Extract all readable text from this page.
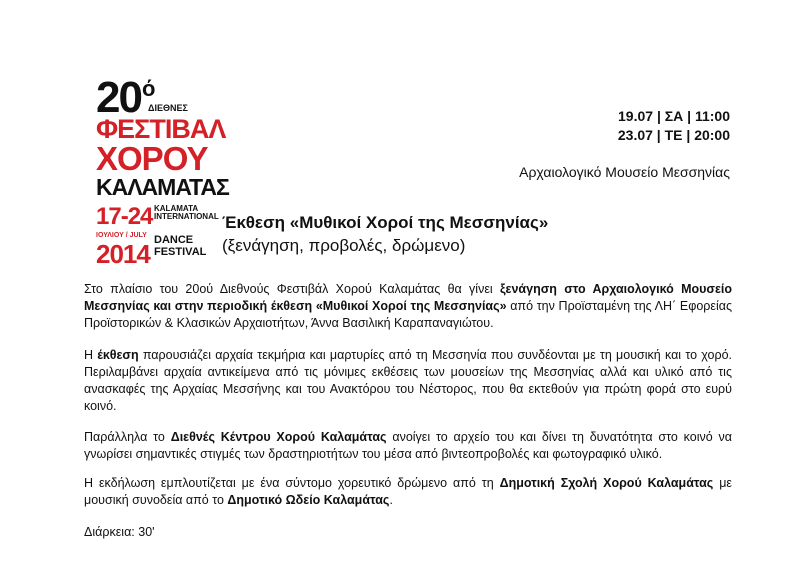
20 ό
ΔΙΕΘΝΕΣ
ΦΕΣΤΙΒΑΛ
ΧΟΡΟΥ
ΚΑΛΑΜΑΤΑΣ
17-24
ΙΟΥΛΙΟΥ / JULY
2014
KALAMATA
INTERNATIONAL
DANCE
FESTIVAL
19.07 | ΣΑ | 11:00
23.07 | ΤΕ | 20:00
Αρχαιολογικό Μουσείο Μεσσηνίας
Έκθεση «Μυθικοί Χοροί της Μεσσηνίας»
(ξενάγηση, προβολές, δρώμενο)
Στο πλαίσιο του 20ού Διεθνούς Φεστιβάλ Χορού Καλαμάτας θα γίνει ξενάγηση στο Αρχαιολογικό Μουσείο Μεσσηνίας και στην περιοδική έκθεση «Μυθικοί Χοροί της Μεσσηνίας» από την Προϊσταμένη της ΛΗ΄ Εφορείας Προϊστορικών & Κλασικών Αρχαιοτήτων, Άννα Βασιλική Καραπαναγιώτου.
Η έκθεση παρουσιάζει αρχαία τεκμήρια και μαρτυρίες από τη Μεσσηνία που συνδέονται με τη μουσική και το χορό. Περιλαμβάνει αρχαία αντικείμενα από τις μόνιμες εκθέσεις των μουσείων της Μεσσηνίας αλλά και υλικό από τις ανασκαφές της Αρχαίας Μεσσήνης και του Ανακτόρου του Νέστορος, που θα εκτεθούν για πρώτη φορά στο ευρύ κοινό.
Παράλληλα το Διεθνές Κέντρου Χορού Καλαμάτας ανοίγει το αρχείο του και δίνει τη δυνατότητα στο κοινό να γνωρίσει σημαντικές στιγμές των δραστηριοτήτων του μέσα από βιντεοπροβολές και φωτογραφικό υλικό.
Η εκδήλωση εμπλουτίζεται με ένα σύντομο χορευτικό δρώμενο από τη Δημοτική Σχολή Χορού Καλαμάτας με μουσική συνοδεία από το Δημοτικό Ωδείο Καλαμάτας.
Διάρκεια: 30'
